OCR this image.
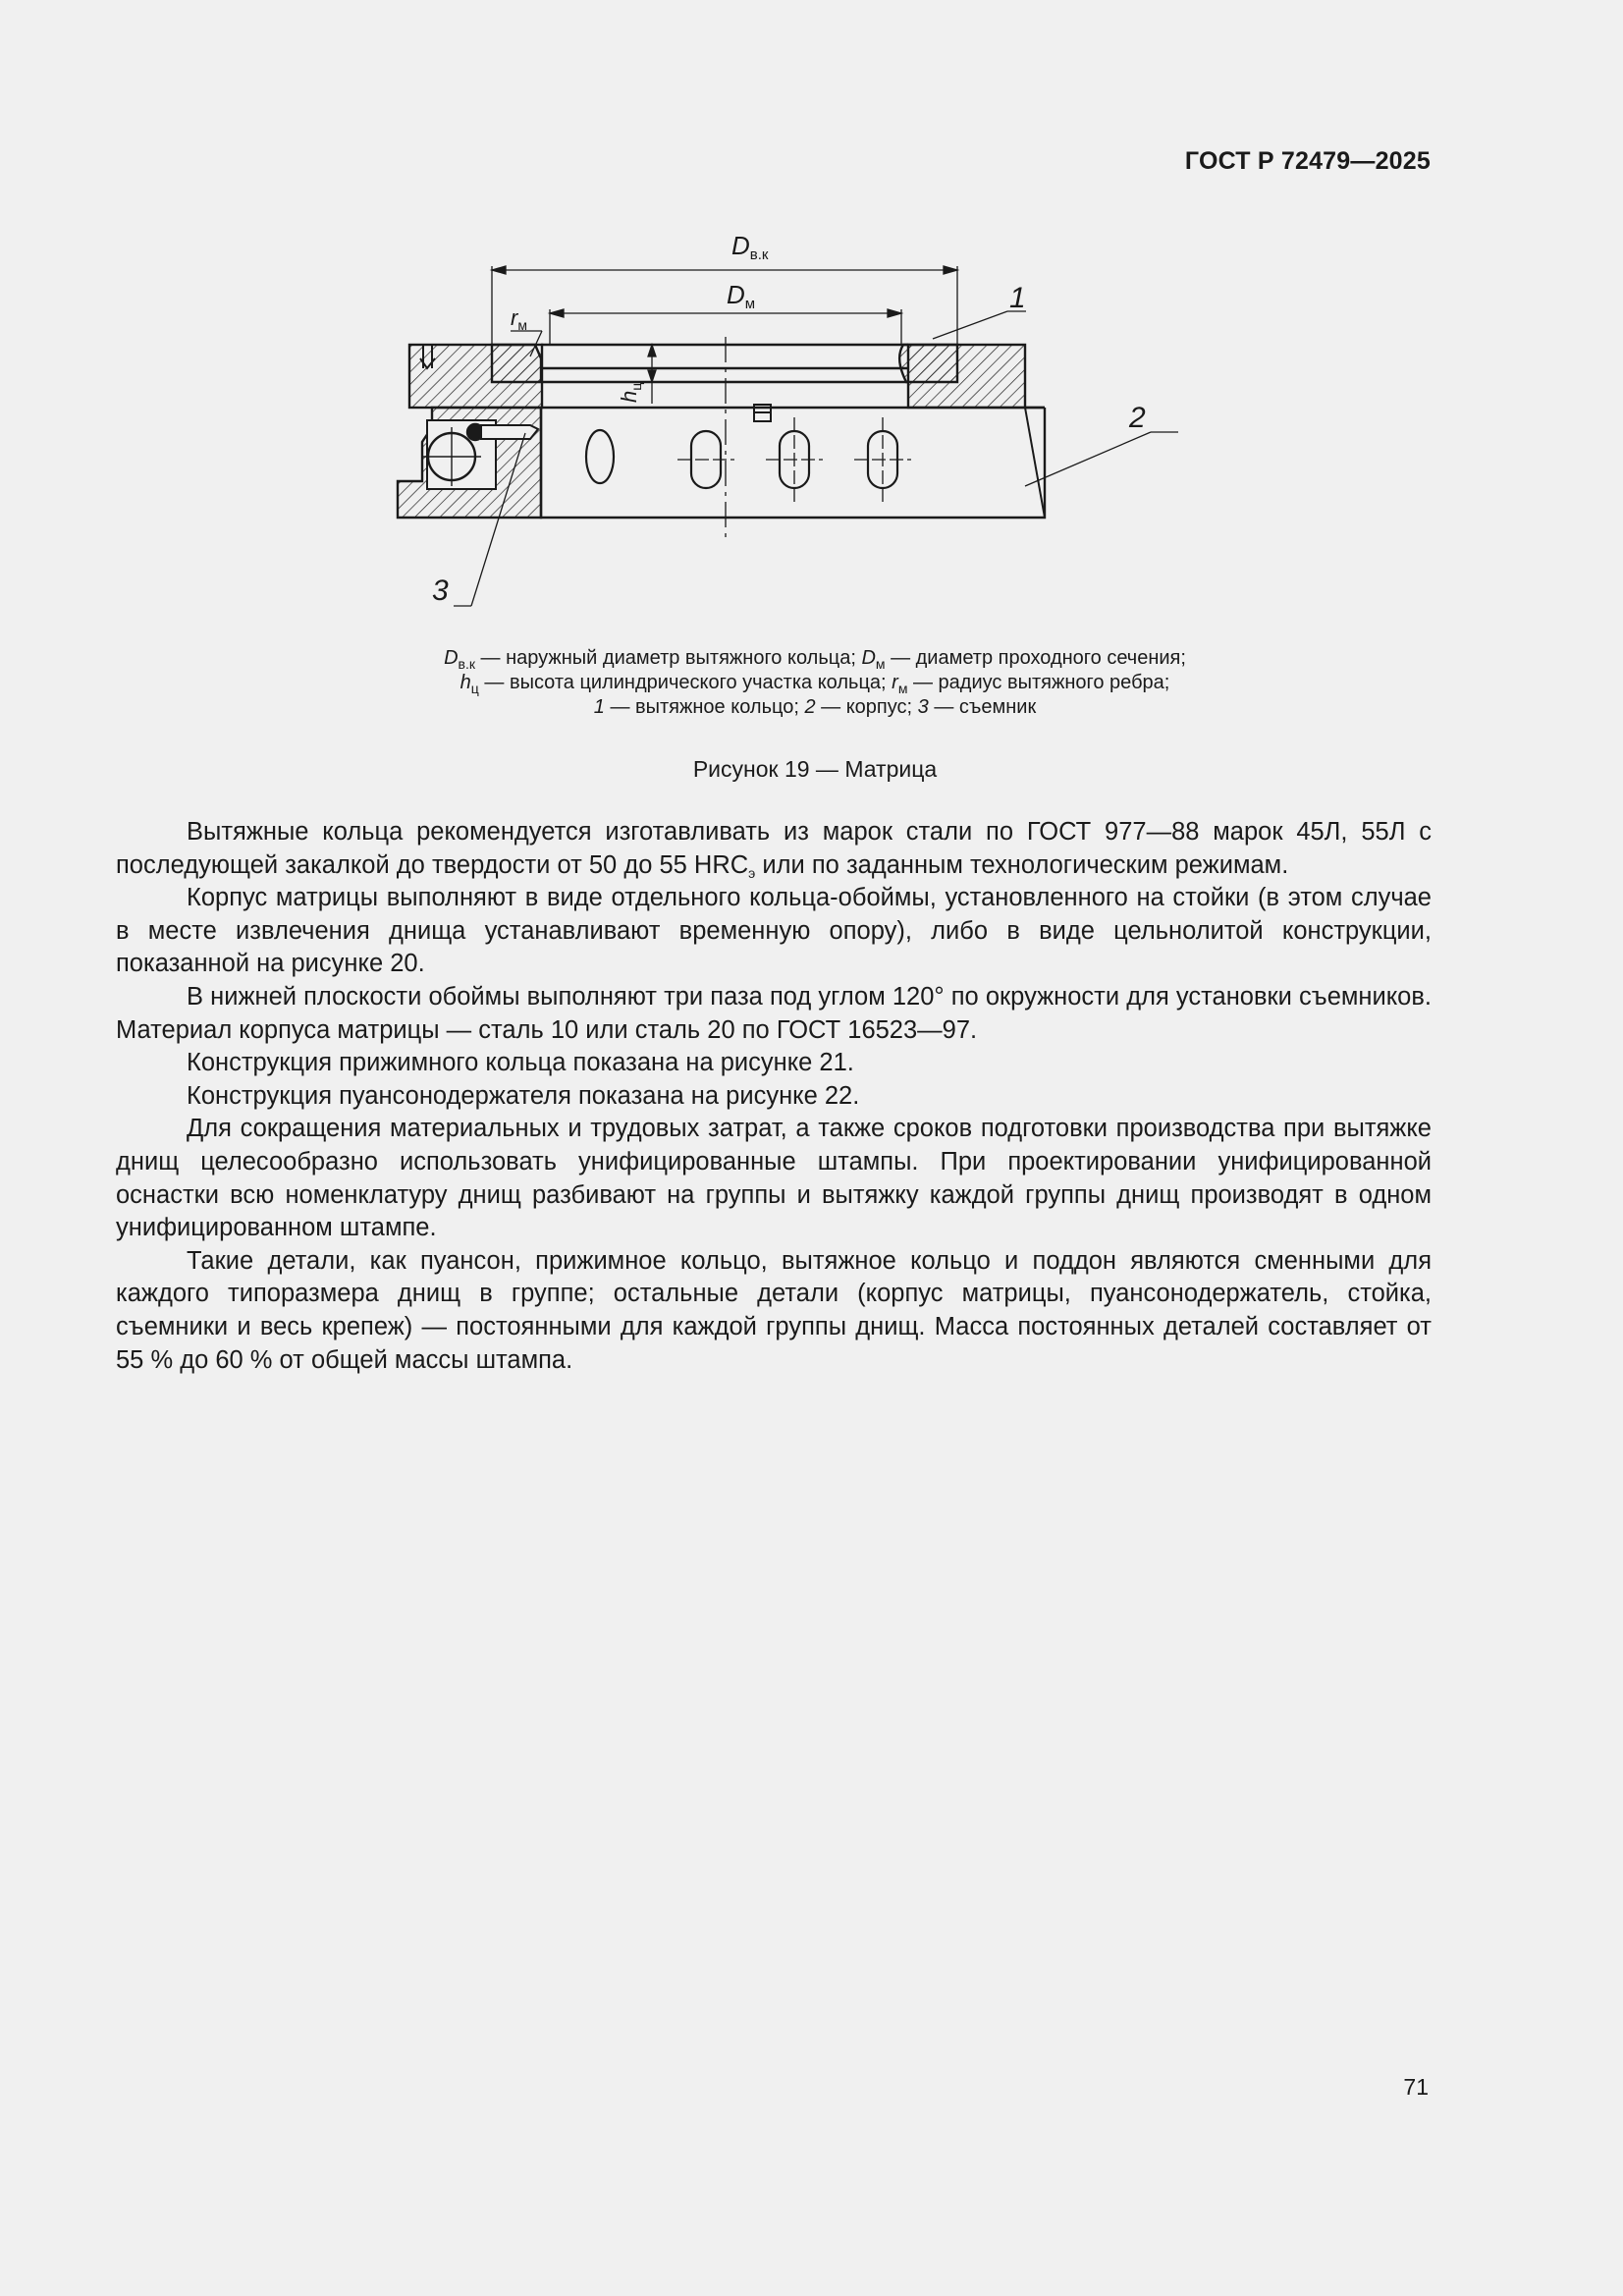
ГОСТ Р 72479—2025
Dв.к
Dм
$r_м$
$h_ц$
1
2
3
$D_{в.к}$ — наружный диаметр вытяжного кольца; $D_м$ — диаметр проходного сечения;
$h_ц$ — высота цилиндрического участка кольца; $r_м$ — радиус вытяжного ребра;
1 — вытяжное кольцо; 2 — корпус; 3 — съемник
Рисунок 19 — Матрица

Вытяжные кольца рекомендуется изготавливать из марок стали по ГОСТ 977—88 марок 45Л, 55Л с последующей закалкой до твердости от 50 до 55 $HRC_э$ или по заданным технологическим режимам.

Корпус матрицы выполняют в виде отдельного кольца-обоймы, установленного на стойки (в этом случае в месте извлечения днища устанавливают временную опору), либо в виде цельнолитой конструкции, показанной на рисунке 20.

В нижней плоскости обоймы выполняют три паза под углом 120° по окружности для установки съемников. Материал корпуса матрицы — сталь 10 или сталь 20 по ГОСТ 16523—97.

Конструкция прижимного кольца показана на рисунке 21.

Конструкция пуансонодержателя показана на рисунке 22.

Для сокращения материальных и трудовых затрат, а также сроков подготовки производства при вытяжке днищ целесообразно использовать унифицированные штампы. При проектировании унифицированной оснастки всю номенклатуру днищ разбивают на группы и вытяжку каждой группы днищ производят в одном унифицированном штампе.

Такие детали, как пуансон, прижимное кольцо, вытяжное кольцо и поддон являются сменными для каждого типоразмера днищ в группе; остальные детали (корпус матрицы, пуансонодержатель, стойка, съемники и весь крепеж) — постоянными для каждой группы днищ. Масса постоянных деталей составляет от 55 % до 60 % от общей массы штампа.

71
